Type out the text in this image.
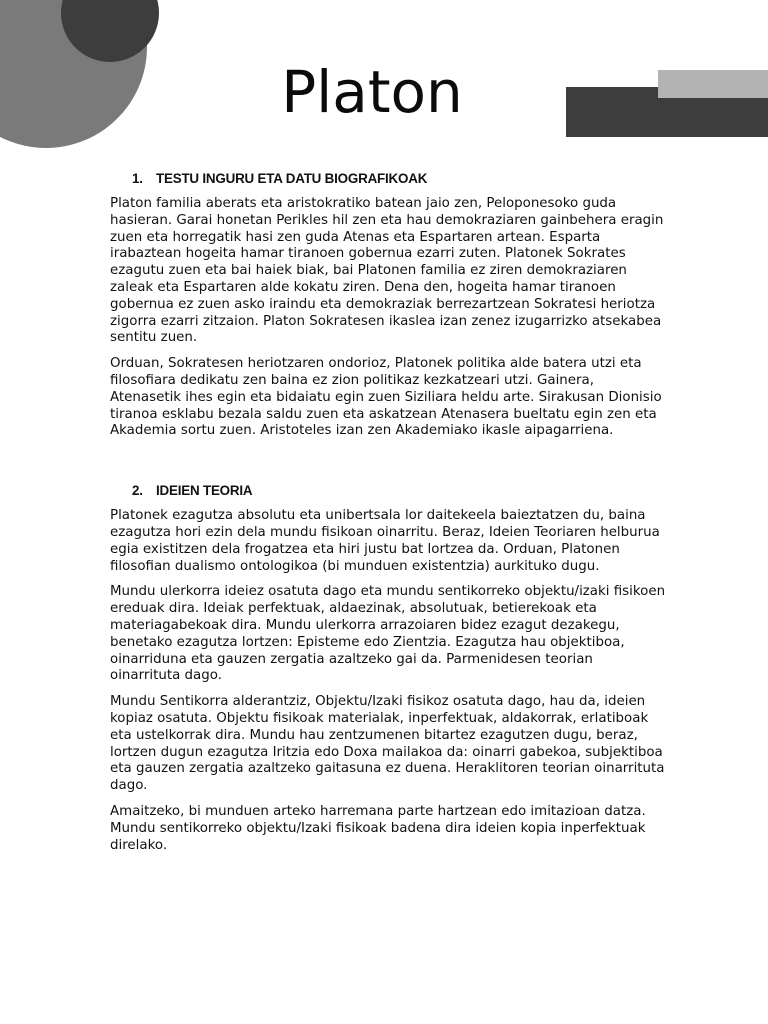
Platon
1. TESTU INGURU ETA DATU BIOGRAFIKOAK

Platon familia aberats eta aristokratiko batean jaio zen, Peloponesoko guda hasieran. Garai honetan Perikles hil zen eta hau demokraziaren gainbehera eragin zuen eta horregatik hasi zen guda Atenas eta Espartaren artean. Esparta irabaztean hogeita hamar tiranoen gobernua ezarri zuten. Platonek Sokrates ezagutu zuen eta bai haiek biak, bai Platonen familia ez ziren demokraziaren zaleak eta Espartaren alde kokatu ziren. Dena den, hogeita hamar tiranoen gobernua ez zuen asko iraindu eta demokraziak berrezartzean Sokratesi heriotza zigorra ezarri zitzaion. Platon Sokratesen ikaslea izan zenez izugarrizko atsekabea sentitu zuen.

Orduan, Sokratesen heriotzaren ondorioz, Platonek politika alde batera utzi eta filosofiara dedikatu zen baina ez zion politikaz kezkatzeari utzi. Gainera, Atenasetik ihes egin eta bidaiatu egin zuen Siziliara heldu arte. Sirakusan Dionisio tiranoa esklabu bezala saldu zuen eta askatzean Atenasera bueltatu egin zen eta Akademia sortu zuen. Aristoteles izan zen Akademiako ikasle aipagarriena.

2. IDEIEN TEORIA

Platonek ezagutza absolutu eta unibertsala lor daitekeela baieztatzen du, baina ezagutza hori ezin dela mundu fisikoan oinarritu. Beraz, Ideien Teoriaren helburua egia existitzen dela frogatzea eta hiri justu bat lortzea da. Orduan, Platonen filosofian dualismo ontologikoa (bi munduen existentzia) aurkituko dugu.

Mundu ulerkorra ideiez osatuta dago eta mundu sentikorreko objektu/izaki fisikoen ereduak dira. Ideiak perfektuak, aldaezinak, absolutuak, betierekoak eta materiagabekoak dira. Mundu ulerkorra arrazoiaren bidez ezagut dezakegu, benetako ezagutza lortzen: Episteme edo Zientzia. Ezagutza hau objektiboa, oinarriduna eta gauzen zergatia azaltzeko gai da. Parmenidesen teorian oinarrituta dago.

Mundu Sentikorra alderantziz, Objektu/Izaki fisikoz osatuta dago, hau da, ideien kopiaz osatuta. Objektu fisikoak materialak, inperfektuak, aldakorrak, erlatiboak eta ustelkorrak dira. Mundu hau zentzumenen bitartez ezagutzen dugu, beraz, lortzen dugun ezagutza Iritzia edo Doxa mailakoa da: oinarri gabekoa, subjektiboa eta gauzen zergatia azaltzeko gaitasuna ez duena. Heraklitoren teorian oinarrituta dago.

Amaitzeko, bi munduen arteko harremana parte hartzean edo imitazioan datza. Mundu sentikorreko objektu/Izaki fisikoak badena dira ideien kopia inperfektuak direlako.
